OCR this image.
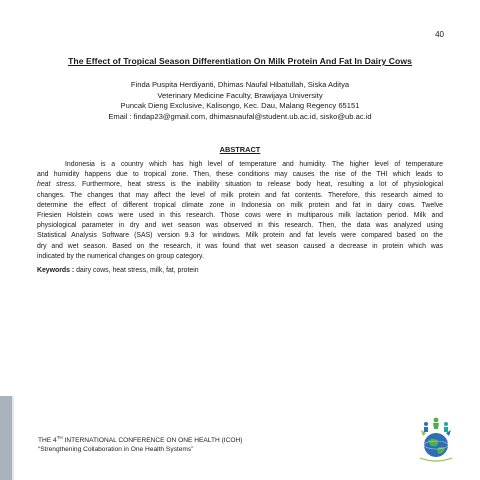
40
The Effect of Tropical Season Differentiation On Milk Protein And Fat In Dairy Cows
Finda Puspita Herdiyanti, Dhimas Naufal Hibatullah, Siska Aditya
Veterinary Medicine Faculty, Brawijaya University
Puncak Dieng Exclusive, Kalisongo, Kec. Dau, Malang Regency 65151
Email : findap23@gmail.com, dhimasnaufal@student.ub.ac.id, sisko@ub.ac.id
ABSTRACT
Indonesia is a country which has high level of temperature and humidity. The higher level of temperature
and humidity happens due to tropical zone. Then, these conditions may causes the rise of the THI which leads to
heat stress. Furthermore, heat stress is the inability situation to release body heat, resulting a lot of physiological
changes. The changes that may affect the level of milk protein and fat contents. Therefore, this research aimed to
determine the effect of different tropical climate zone in Indonesia on milk protein and fat in dairy cows. Twelve
Friesien Holstein cows were used in this research. Those cows were in multiparous milk lactation period. Milk and
physiological parameter in dry and wet season was observed in this research. Then, the data was analyzed using
Statistical Analysis Software (SAS) version 9.3 for windows. Milk protein and fat levels were compared based on the
dry and wet season. Based on the research, it was found that wet season caused a decrease in protein which was
indicated by the numerical changes on group category.
Keywords : dairy cows, heat stress, milk, fat, protein
THE 4TH INTERNATIONAL CONFERENCE ON ONE HEALTH (ICOH)
“Strengthening Collaboration in One Health Systems”
